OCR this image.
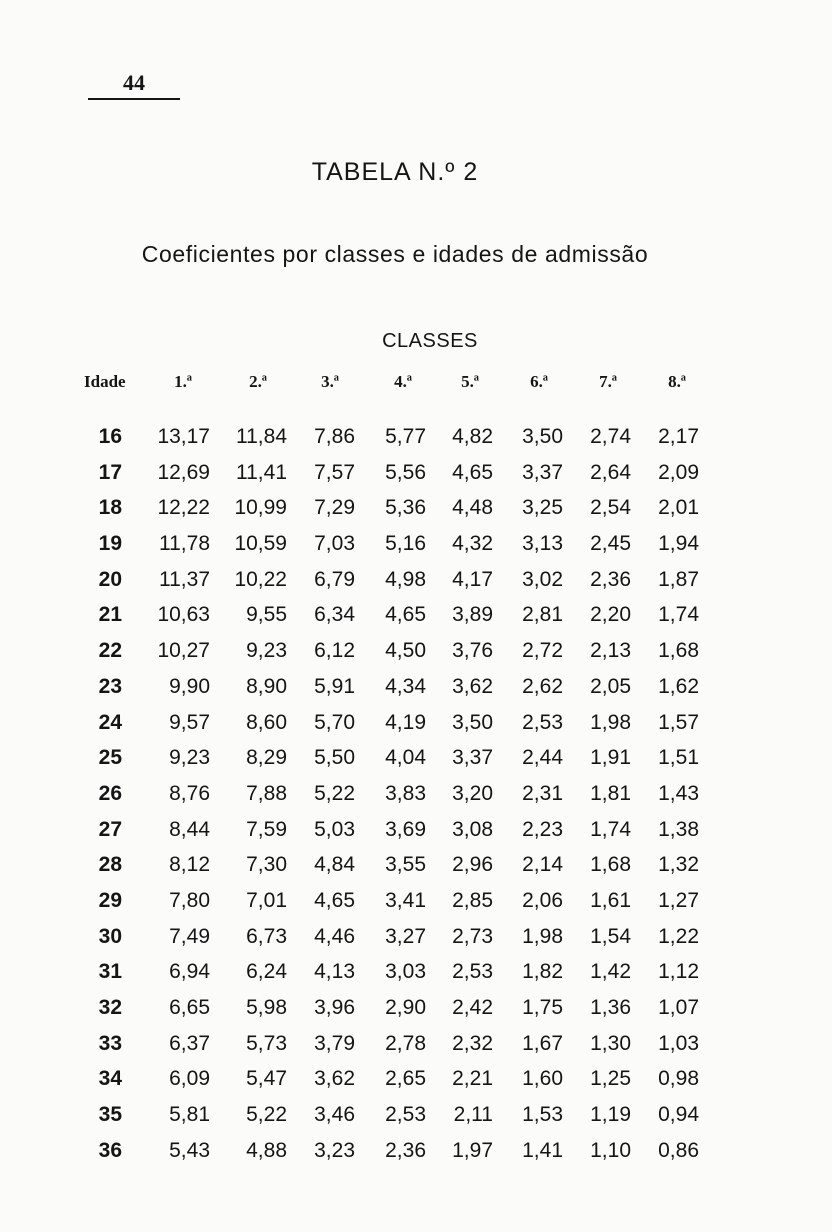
44
TABELA N.º 2
Coeficientes por classes e idades de admissão
CLASSES
Idade	1.ª	2.ª	3.ª	4.ª	5.ª	6.ª	7.ª	8.ª
16 13,17 11,84 7,86 5,77 4,82 3,50 2,74 2,17
17 12,69 11,41 7,57 5,56 4,65 3,37 2,64 2,09
18 12,22 10,99 7,29 5,36 4,48 3,25 2,54 2,01
19 11,78 10,59 7,03 5,16 4,32 3,13 2,45 1,94
20 11,37 10,22 6,79 4,98 4,17 3,02 2,36 1,87
21 10,63 9,55 6,34 4,65 3,89 2,81 2,20 1,74
22 10,27 9,23 6,12 4,50 3,76 2,72 2,13 1,68
23 9,90 8,90 5,91 4,34 3,62 2,62 2,05 1,62
24 9,57 8,60 5,70 4,19 3,50 2,53 1,98 1,57
25 9,23 8,29 5,50 4,04 3,37 2,44 1,91 1,51
26 8,76 7,88 5,22 3,83 3,20 2,31 1,81 1,43
27 8,44 7,59 5,03 3,69 3,08 2,23 1,74 1,38
28 8,12 7,30 4,84 3,55 2,96 2,14 1,68 1,32
29 7,80 7,01 4,65 3,41 2,85 2,06 1,61 1,27
30 7,49 6,73 4,46 3,27 2,73 1,98 1,54 1,22
31 6,94 6,24 4,13 3,03 2,53 1,82 1,42 1,12
32 6,65 5,98 3,96 2,90 2,42 1,75 1,36 1,07
33 6,37 5,73 3,79 2,78 2,32 1,67 1,30 1,03
34 6,09 5,47 3,62 2,65 2,21 1,60 1,25 0,98
35 5,81 5,22 3,46 2,53 2,11 1,53 1,19 0,94
36 5,43 4,88 3,23 2,36 1,97 1,41 1,10 0,86
